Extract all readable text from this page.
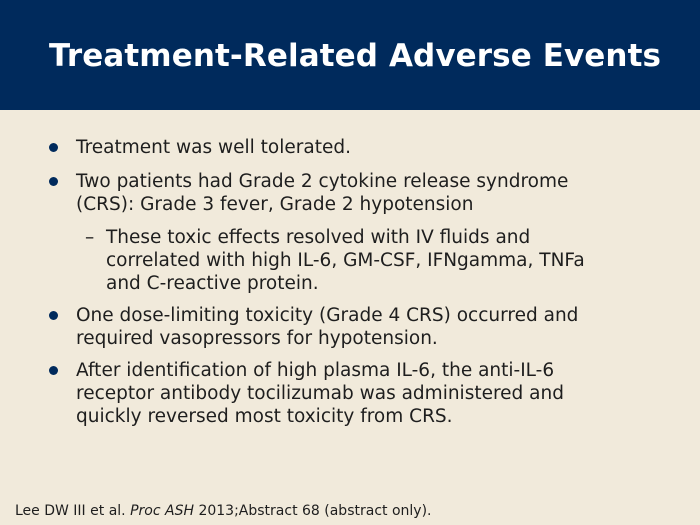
Treatment-Related Adverse Events
Treatment was well tolerated.
Two patients had Grade 2 cytokine release syndrome
(CRS): Grade 3 fever, Grade 2 hypotension
– These toxic effects resolved with IV fluids and
correlated with high IL-6, GM-CSF, IFNgamma, TNFa
and C-reactive protein.
One dose-limiting toxicity (Grade 4 CRS) occurred and
required vasopressors for hypotension.
After identification of high plasma IL-6, the anti-IL-6
receptor antibody tocilizumab was administered and
quickly reversed most toxicity from CRS.
Lee DW III et al. Proc ASH 2013;Abstract 68 (abstract only).
